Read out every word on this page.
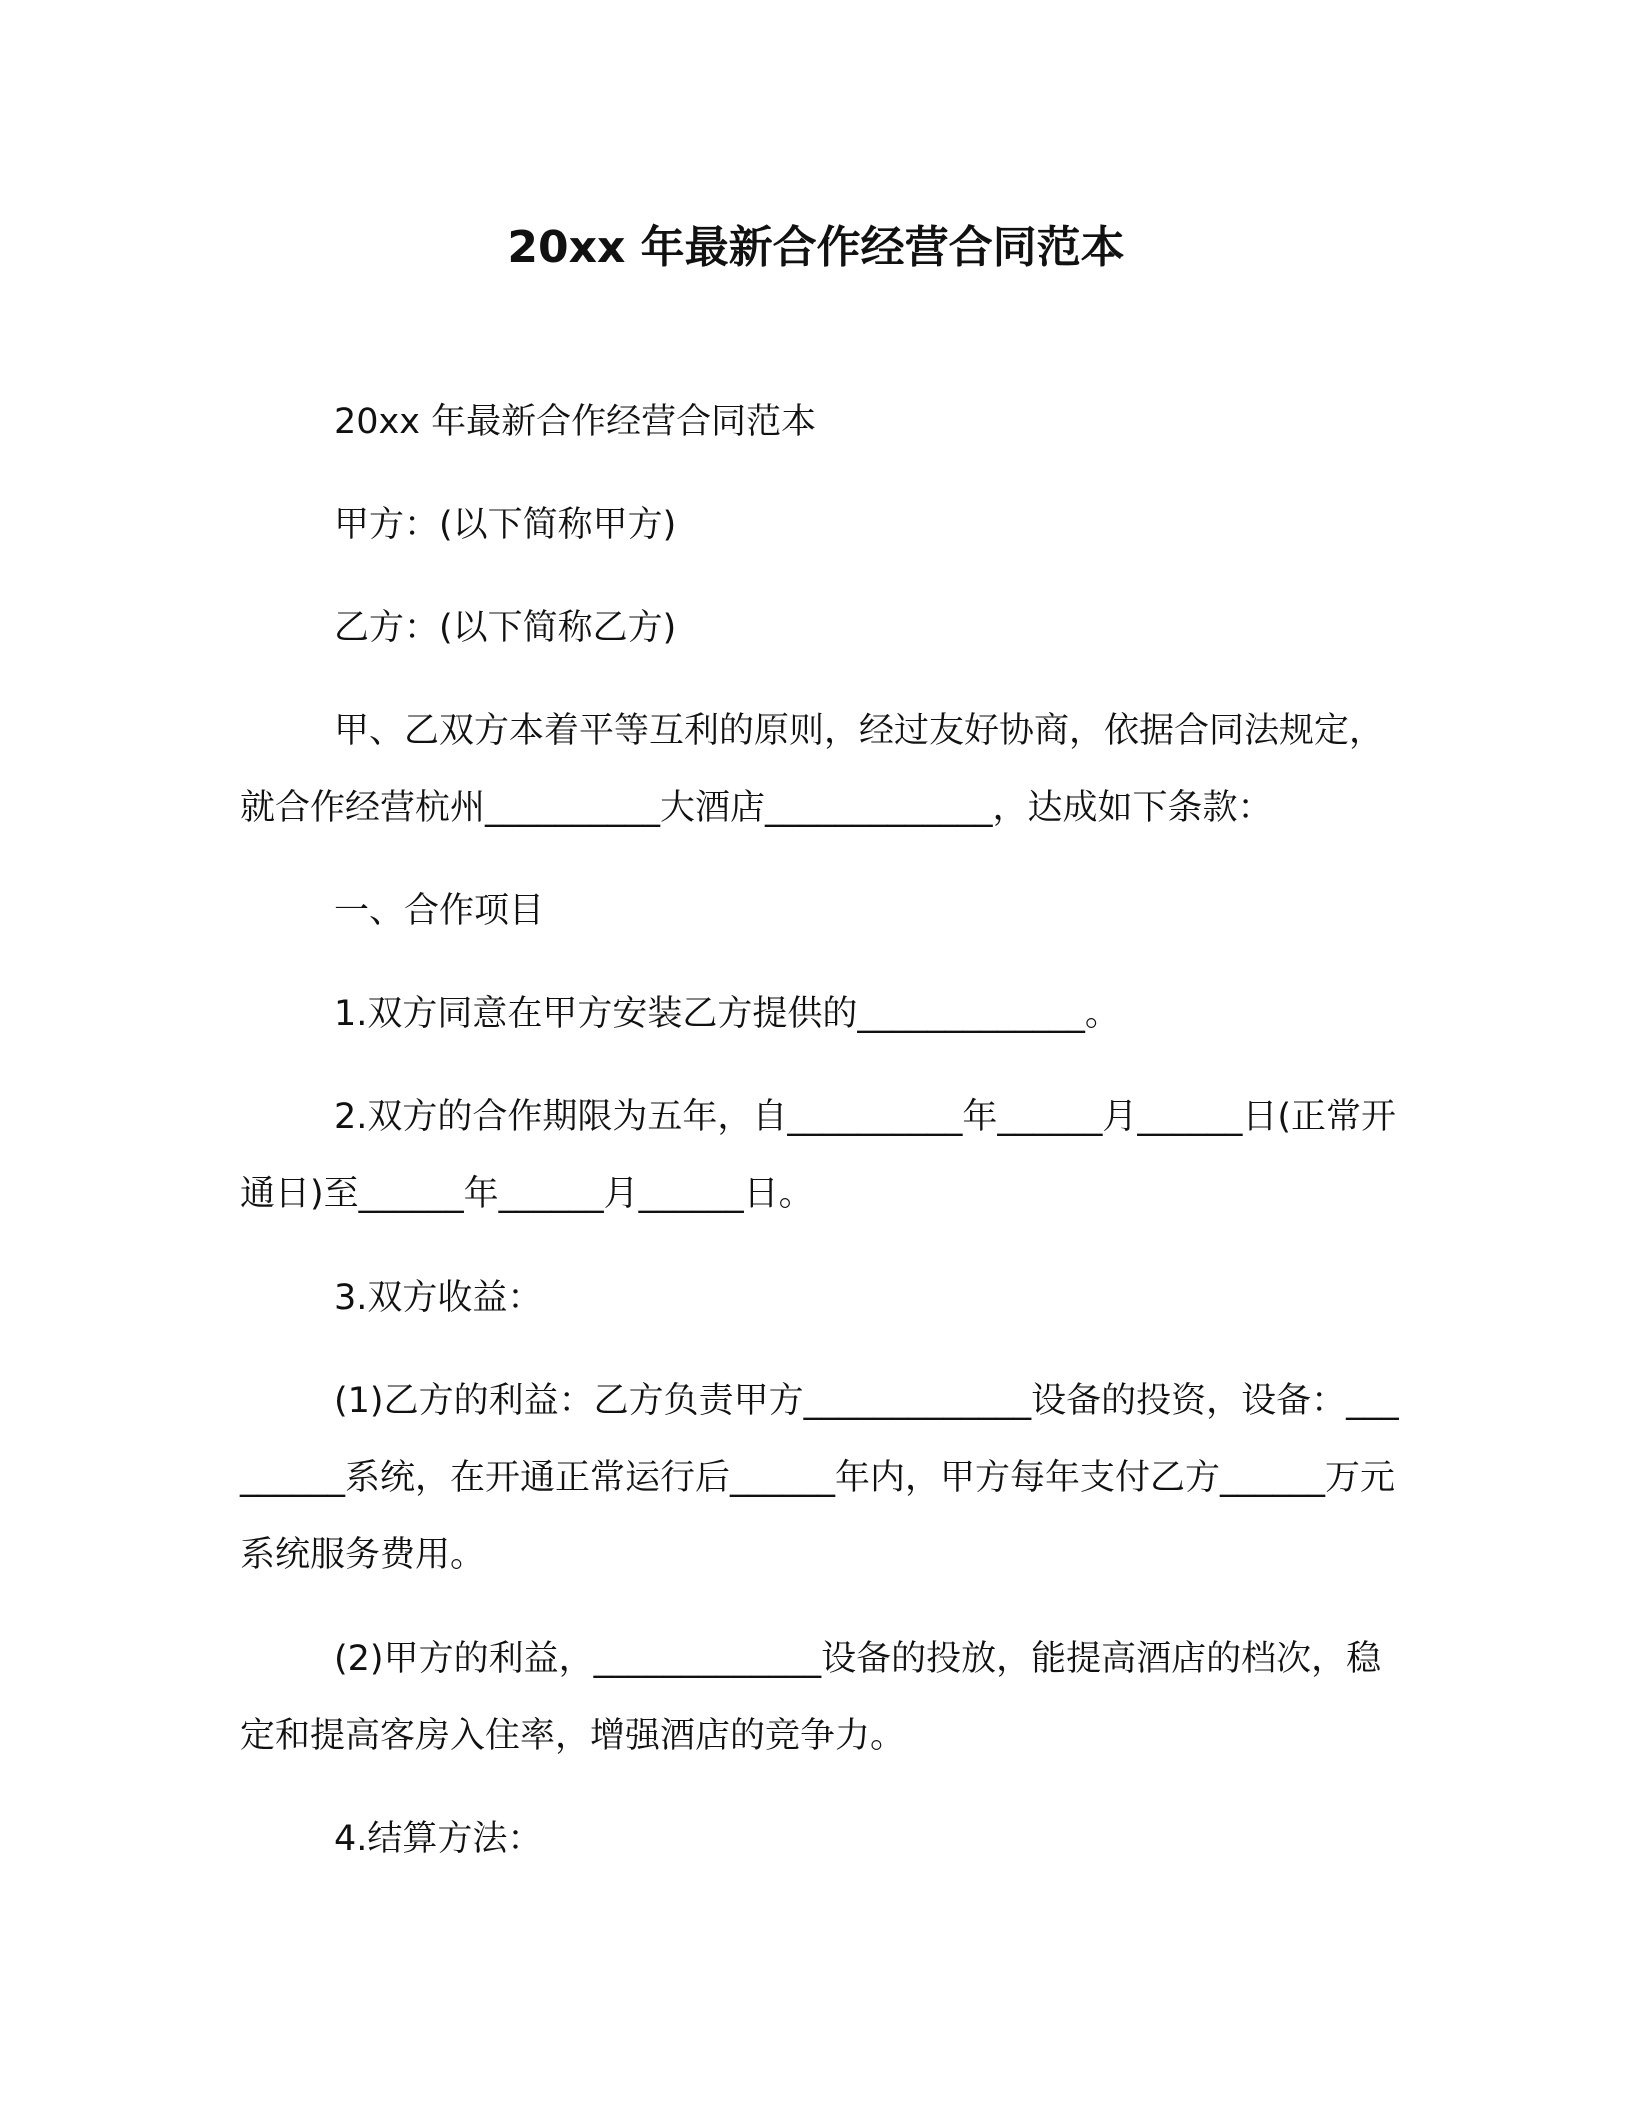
20xx 年最新合作经营合同范本
20xx 年最新合作经营合同范本
甲方：(以下简称甲方)
乙方：(以下简称乙方)
甲、乙双方本着平等互利的原则，经过友好协商，依据合同法规定，就合作经营杭州__________大酒店_____________，达成如下条款：
一、合作项目
1.双方同意在甲方安装乙方提供的_____________。
2.双方的合作期限为五年，自__________年______月______日(正常开通日)至______年______月______日。
3.双方收益：
(1)乙方的利益：乙方负责甲方_____________设备的投资，设备：_________系统，在开通正常运行后______年内，甲方每年支付乙方______万元系统服务费用。
(2)甲方的利益，_____________设备的投放，能提高酒店的档次，稳定和提高客房入住率，增强酒店的竞争力。
4.结算方法：
